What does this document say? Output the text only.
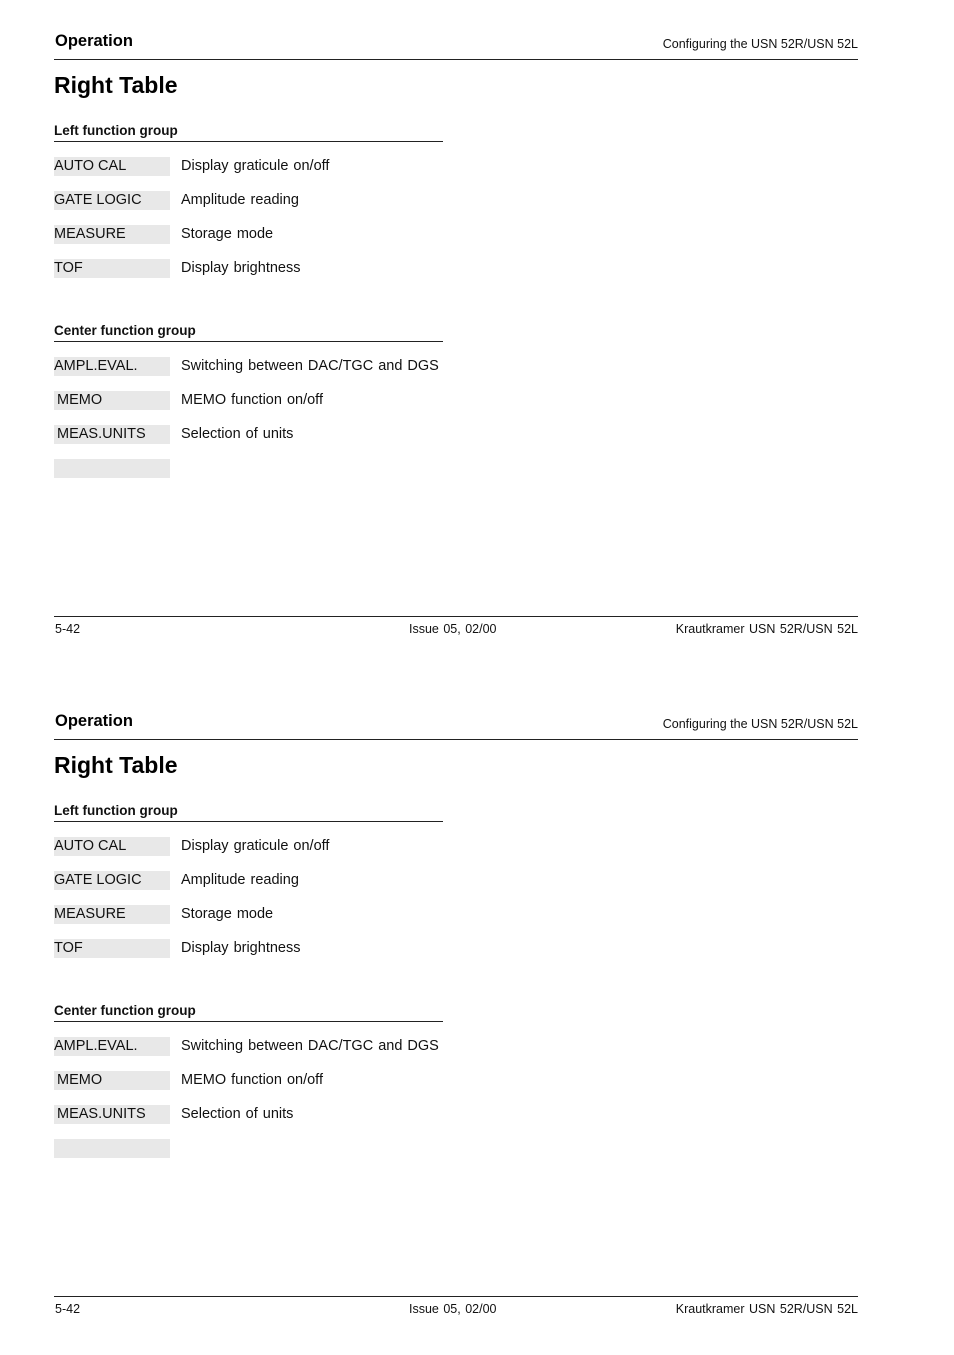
Operation	Configuring the USN 52R/USN 52L
Right Table
Left function group
AUTO CAL	Display graticule on/off
GATE LOGIC	Amplitude reading
MEASURE	Storage mode
TOF	Display brightness
Center function group
AMPL.EVAL.	Switching between DAC/TGC and DGS
MEMO	MEMO function on/off
MEAS.UNITS	Selection of units
5-42	Issue 05, 02/00	Krautkramer USN 52R/USN 52L
Operation	Configuring the USN 52R/USN 52L
Right Table
Left function group
AUTO CAL	Display graticule on/off
GATE LOGIC	Amplitude reading
MEASURE	Storage mode
TOF	Display brightness
Center function group
AMPL.EVAL.	Switching between DAC/TGC and DGS
MEMO	MEMO function on/off
MEAS.UNITS	Selection of units
5-42	Issue 05, 02/00	Krautkramer USN 52R/USN 52L
